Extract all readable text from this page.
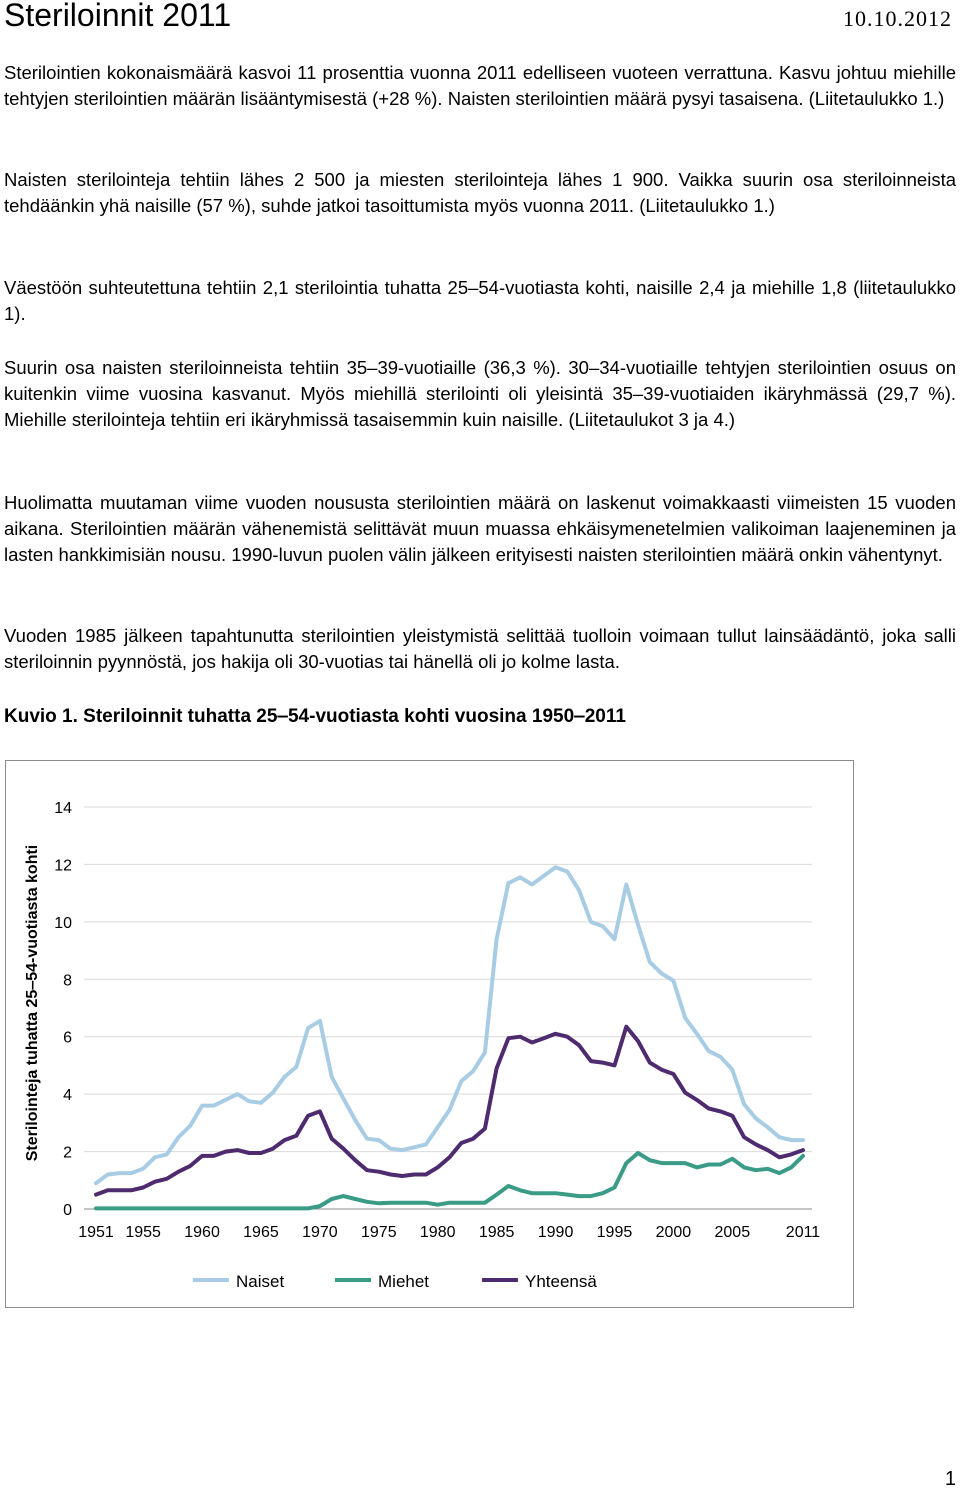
Steriloinnit 2011	10.10.2012

Sterilointien kokonaismäärä kasvoi 11 prosenttia vuonna 2011 edelliseen vuoteen verrattuna. Kasvu johtuu miehille tehtyjen sterilointien määrän lisääntymisestä (+28 %). Naisten sterilointien määrä pysyi tasaisena. (Liitetaulukko 1.)

Naisten sterilointeja tehtiin lähes 2 500 ja miesten sterilointeja lähes 1 900. Vaikka suurin osa sterilоinneista tehdäänkin yhä naisille (57 %), suhde jatkoi tasoittumista myös vuonna 2011. (Liitetaulukko 1.)

Väestöön suhteutettuna tehtiin 2,1 sterilointia tuhatta 25‒54-vuotiasta kohti, naisille 2,4 ja miehille 1,8 (liitetaulukko 1).

Suurin osa naisten steriloinneista tehtiin 35‒39-vuotiaille (36,3 %). 30‒34-vuotiaille tehtyjen sterilointien osuus on kuitenkin viime vuosina kasvanut. Myös miehillä sterilointi oli yleisintä 35‒39-vuotiaiden ikäryhmässä (29,7 %). Miehille sterilointeja tehtiin eri ikäryhmissä tasaisemmin kuin naisille. (Liitetaulukot 3 ja 4.)

Huolimatta muutaman viime vuoden noususta sterilointien määrä on laskenut voimakkaasti viimeisten 15 vuoden aikana. Sterilointien määrän vähenemistä selittävät muun muassa ehkäisymenetelmien valikoiman laajeneminen ja lasten hankkimisiän nousu. 1990-luvun puolen välin jälkeen erityisesti naisten sterilointien määrä onkin vähentynyt.

Vuoden 1985 jälkeen tapahtunutta sterilointien yleistymistä selittää tuolloin voimaan tullut lainsäädäntö, joka salli steriloinnin pyynnöstä, jos hakija oli 30-vuotias tai hänellä oli jo kolme lasta.

Kuvio 1. Steriloinnit tuhatta 25‒54-vuotiasta kohti vuosina 1950‒2011

0
2
4
6
8
10
12
14
1951 1955 1960 1965 1970 1975 1980 1985 1990 1995 2000 2005 2011
Sterilointeja tuhatta 25‒54-vuotiasta kohti
Naiset	Miehet	Yhteensä
1
